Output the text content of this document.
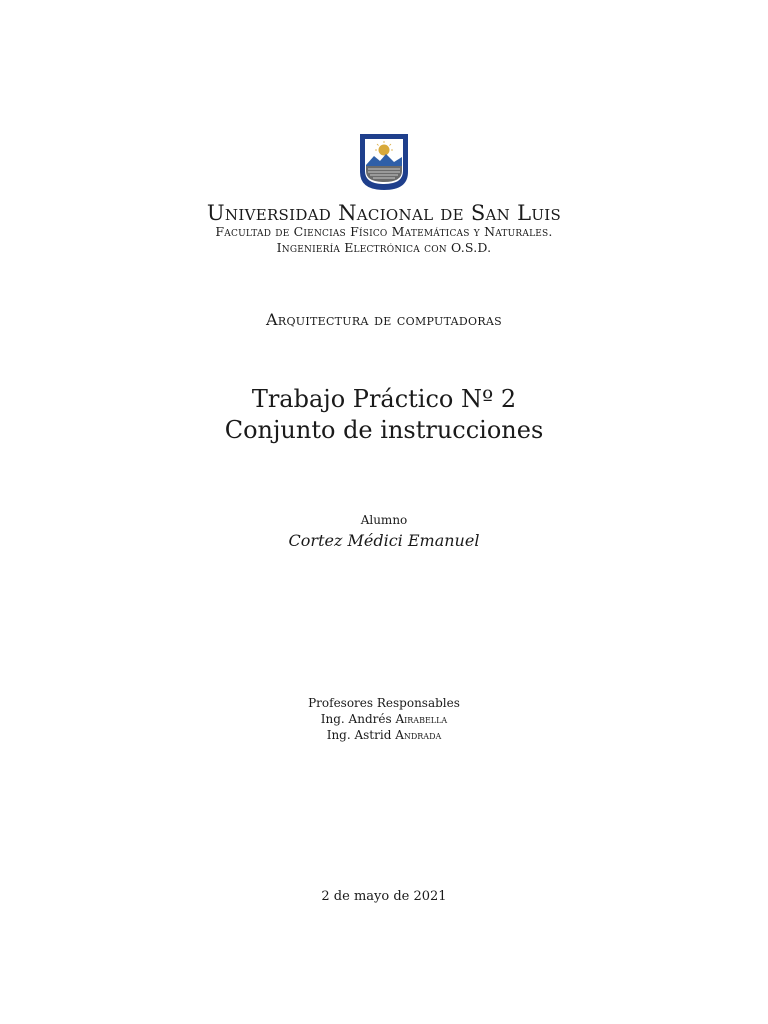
Universidad Nacional de San Luis
Facultad de Ciencias Físico Matemáticas y Naturales.
Ingeniería Electrónica con O.S.D.
Arquitectura de computadoras
Trabajo Práctico Nº 2
Conjunto de instrucciones
Alumno
Cortez Médici Emanuel
Profesores Responsables
Ing. Andrés Airabella
Ing. Astrid Andrada
2 de mayo de 2021
